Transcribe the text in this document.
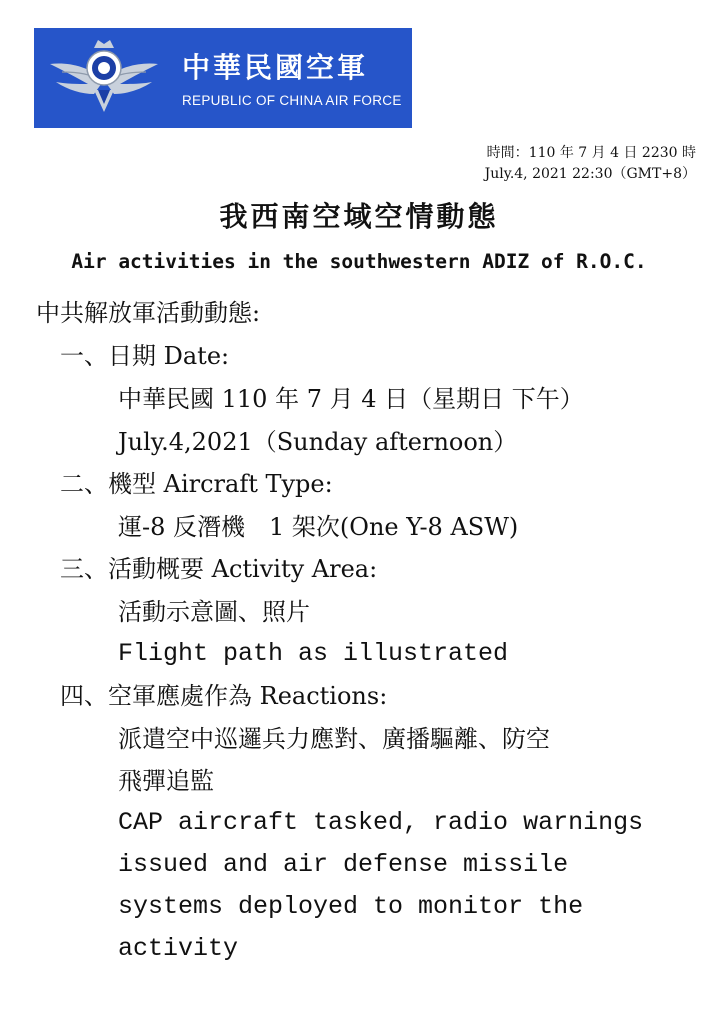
中華民國空軍
REPUBLIC OF CHINA AIR FORCE
時間：110 年 7 月 4 日 2230 時
July.4, 2021 22:30（GMT+8）
我西南空域空情動態
Air activities in the southwestern ADIZ of R.O.C.
中共解放軍活動動態:
一、日期 Date:
中華民國 110 年 7 月 4 日（星期日 下午）
July.4,2021（Sunday afternoon）
二、機型 Aircraft Type:
運-8 反潛機　1 架次(One Y-8 ASW)
三、活動概要 Activity Area:
活動示意圖、照片
Flight path as illustrated
四、空軍應處作為 Reactions:
派遣空中巡邏兵力應對、廣播驅離、防空
飛彈追監
CAP aircraft tasked, radio warnings
issued and air defense missile
systems deployed to monitor the
activity
